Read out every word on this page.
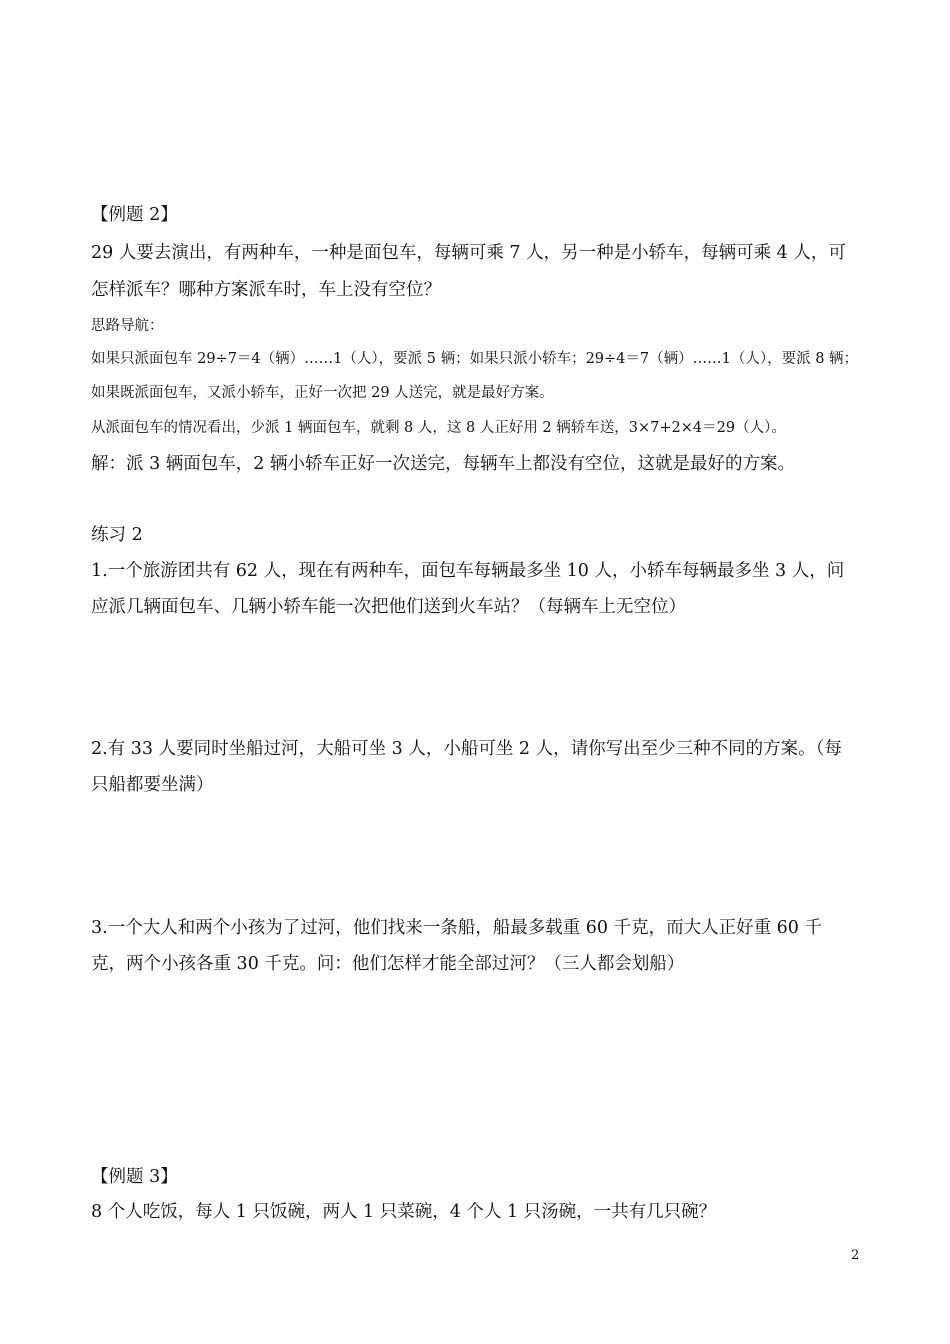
【例题 2】
29 人要去演出，有两种车，一种是面包车，每辆可乘 7 人，另一种是小轿车，每辆可乘 4 人，可
怎样派车？哪种方案派车时，车上没有空位？
思路导航：
如果只派面包车 29÷7＝4（辆）……1（人），要派 5 辆；如果只派小轿车；29÷4＝7（辆）……1（人），要派 8 辆；
如果既派面包车，又派小轿车，正好一次把 29 人送完，就是最好方案。
从派面包车的情况看出，少派 1 辆面包车，就剩 8 人，这 8 人正好用 2 辆轿车送，3×7+2×4＝29（人）。
解：派 3 辆面包车，2 辆小轿车正好一次送完，每辆车上都没有空位，这就是最好的方案。
练习 2
1.一个旅游团共有 62 人，现在有两种车，面包车每辆最多坐 10 人，小轿车每辆最多坐 3 人，问
应派几辆面包车、几辆小轿车能一次把他们送到火车站？（每辆车上无空位）
2.有 33 人要同时坐船过河，大船可坐 3 人，小船可坐 2 人，请你写出至少三种不同的方案。（每
只船都要坐满）
3.一个大人和两个小孩为了过河，他们找来一条船，船最多载重 60 千克，而大人正好重 60 千
克，两个小孩各重 30 千克。问：他们怎样才能全部过河？（三人都会划船）
【例题 3】
8 个人吃饭，每人 1 只饭碗，两人 1 只菜碗，4 个人 1 只汤碗，一共有几只碗？
2
